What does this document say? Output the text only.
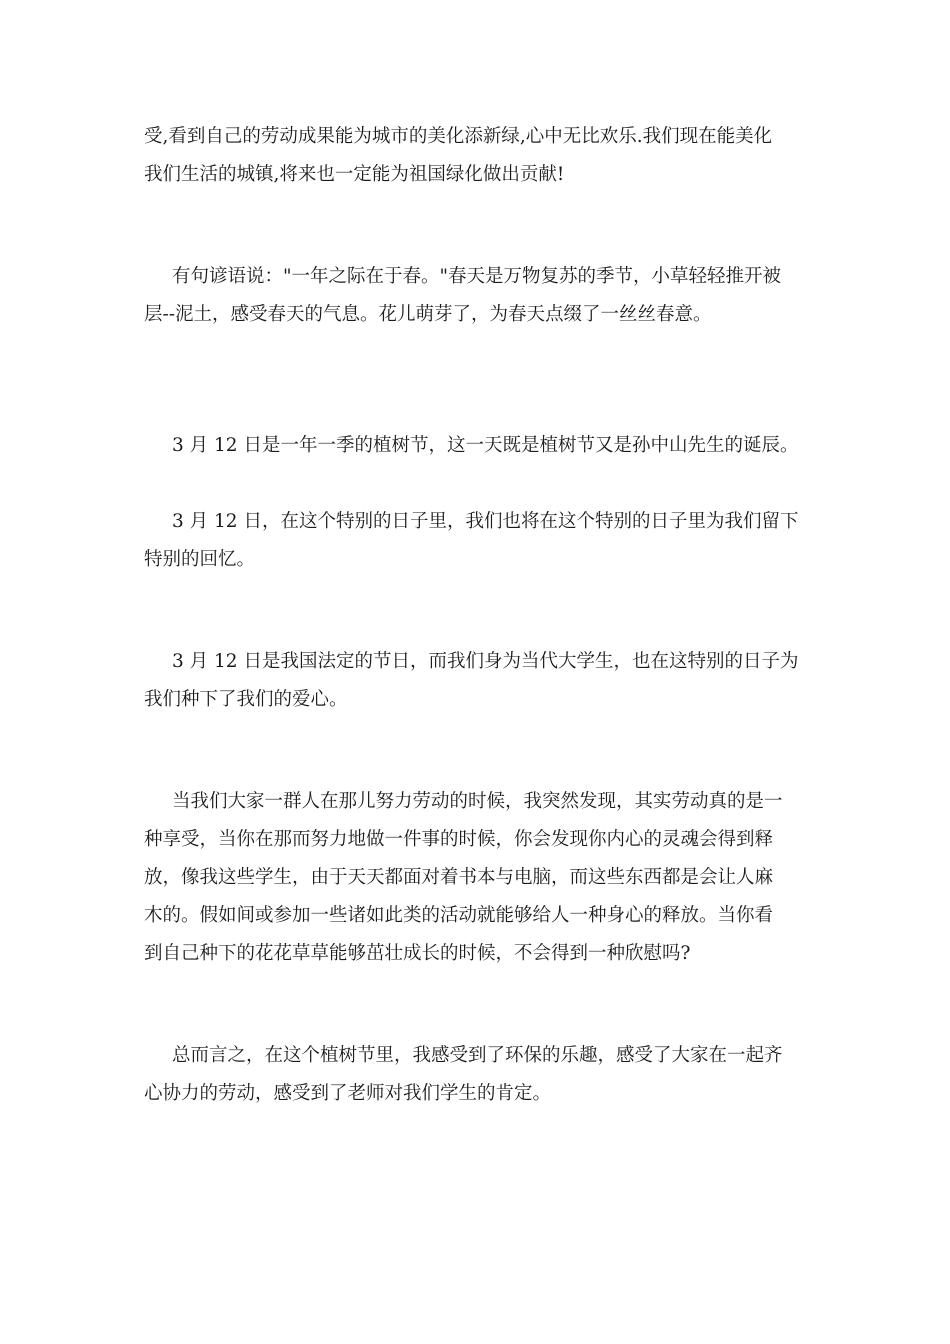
受,看到自己的劳动成果能为城市的美化添新绿,心中无比欢乐.我们现在能美化
我们生活的城镇,将来也一定能为祖国绿化做出贡献!
有句谚语说："一年之际在于春。"春天是万物复苏的季节，小草轻轻推开被
层--泥土，感受春天的气息。花儿萌芽了，为春天点缀了一丝丝春意。
3 月 12 日是一年一季的植树节，这一天既是植树节又是孙中山先生的诞辰。
3 月 12 日，在这个特别的日子里，我们也将在这个特别的日子里为我们留下
特别的回忆。
3 月 12 日是我国法定的节日，而我们身为当代大学生，也在这特别的日子为
我们种下了我们的爱心。
当我们大家一群人在那儿努力劳动的时候，我突然发现，其实劳动真的是一
种享受，当你在那而努力地做一件事的时候，你会发现你内心的灵魂会得到释
放，像我这些学生，由于天天都面对着书本与电脑，而这些东西都是会让人麻
木的。假如间或参加一些诸如此类的活动就能够给人一种身心的释放。当你看
到自己种下的花花草草能够茁壮成长的时候，不会得到一种欣慰吗?
总而言之，在这个植树节里，我感受到了环保的乐趣，感受了大家在一起齐
心协力的劳动，感受到了老师对我们学生的肯定。
